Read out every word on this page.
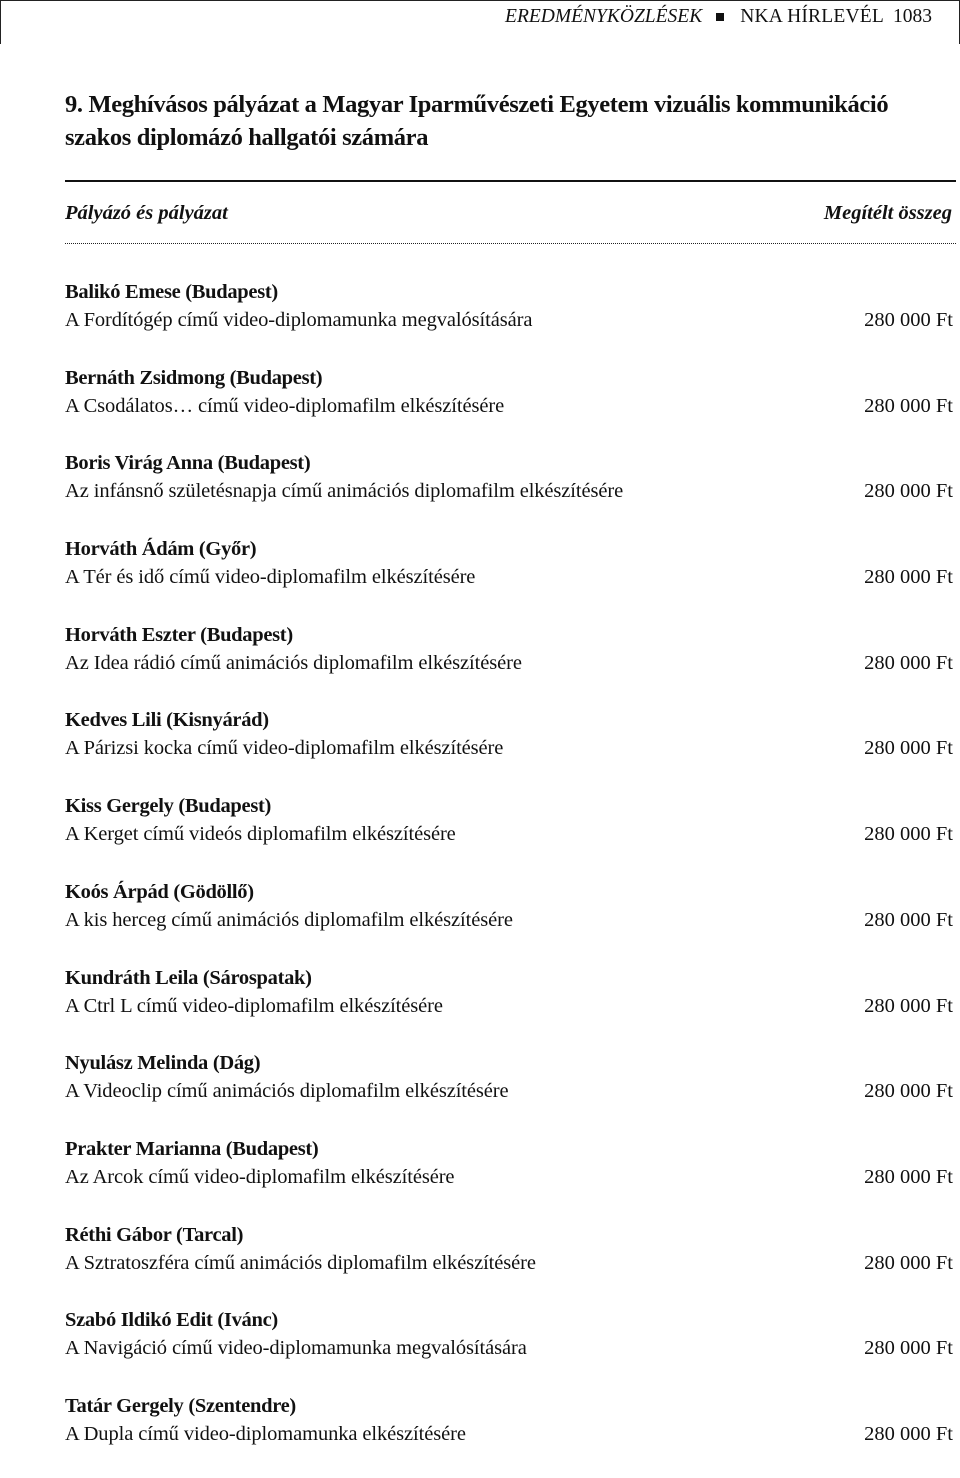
EREDMÉNYKÖZLÉSEK NKA HÍRLEVÉL 1083
9. Meghívásos pályázat a Magyar Iparművészeti Egyetem vizuális kommunikáció szakos diplomázó hallgatói számára
Pályázó és pályázat	Megítélt összeg
Balikó Emese (Budapest)
A Fordítógép című video-diplomamunka megvalósítására	280 000 Ft
Bernáth Zsidmong (Budapest)
A Csodálatos… című video-diplomafilm elkészítésére	280 000 Ft
Boris Virág Anna (Budapest)
Az infánsnő születésnapja című animációs diplomafilm elkészítésére	280 000 Ft
Horváth Ádám (Győr)
A Tér és idő című video-diplomafilm elkészítésére	280 000 Ft
Horváth Eszter (Budapest)
Az Idea rádió című animációs diplomafilm elkészítésére	280 000 Ft
Kedves Lili (Kisnyárád)
A Párizsi kocka című video-diplomafilm elkészítésére	280 000 Ft
Kiss Gergely (Budapest)
A Kerget című videós diplomafilm elkészítésére	280 000 Ft
Koós Árpád (Gödöllő)
A kis herceg című animációs diplomafilm elkészítésére	280 000 Ft
Kundráth Leila (Sárospatak)
A Ctrl L című video-diplomafilm elkészítésére	280 000 Ft
Nyulász Melinda (Dág)
A Videoclip című animációs diplomafilm elkészítésére	280 000 Ft
Prakter Marianna (Budapest)
Az Arcok című video-diplomafilm elkészítésére	280 000 Ft
Réthi Gábor (Tarcal)
A Sztratoszféra című animációs diplomafilm elkészítésére	280 000 Ft
Szabó Ildikó Edit (Ivánc)
A Navigáció című video-diplomamunka megvalósítására	280 000 Ft
Tatár Gergely (Szentendre)
A Dupla című video-diplomamunka elkészítésére	280 000 Ft
